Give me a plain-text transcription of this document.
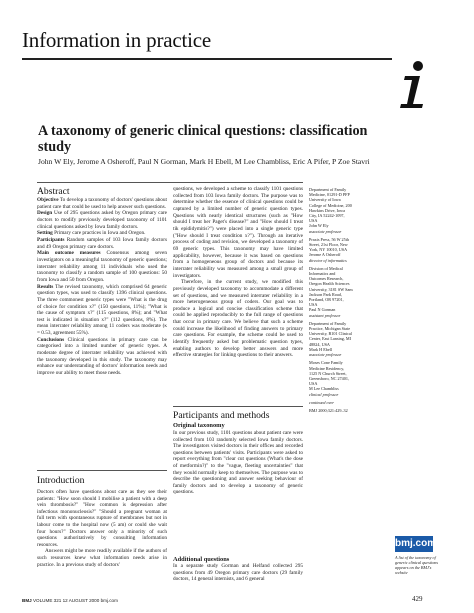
Information in practice
A taxonomy of generic clinical questions: classification study
John W Ely, Jerome A Osheroff, Paul N Gorman, Mark H Ebell, M Lee Chambliss, Eric A Pifer, P Zoe Stavri
Abstract

Objective To develop a taxonomy of doctors' questions about patient care that could be used to help answer such questions.

Design Use of 295 questions asked by Oregon primary care doctors to modify previously developed taxonomy of 1101 clinical questions asked by Iowa family doctors.

Setting Primary care practices in Iowa and Oregon.

Participants Random samples of 103 Iowa family doctors and 49 Oregon primary care doctors.

Main outcome measures Consensus among seven investigators on a meaningful taxonomy of generic questions; interrater reliability among 11 individuals who used the taxonomy to classify a random sample of 100 questions: 50 from Iowa and 50 from Oregon.

Results The revised taxonomy, which comprised 64 generic question types, was used to classify 1396 clinical questions. The three commonest generic types were "What is the drug of choice for condition x?" (150 questions, 11%); "What is the cause of symptom x?" (115 questions, 8%); and "What test is indicated in situation x?" (112 questions, 8%). The mean interrater reliability among 11 coders was moderate (κ = 0.53, agreement 55%).

Conclusions Clinical questions in primary care can be categorised into a limited number of generic types. A moderate degree of interrater reliability was achieved with the taxonomy developed in this study. The taxonomy may enhance our understanding of doctors' information needs and improve our ability to meet those needs.

Introduction

Doctors often have questions about care as they see their patients: "How soon should I mobilise a patient with a deep vein thrombosis?" "How common is depression after infectious mononucleosis?" "Should a pregnant woman at full term with spontaneous rupture of membranes but not in labour come to the hospital now (5 am) or could she wait four hours?" Doctors answer only a minority of such questions authoritatively by consulting information resources.

Answers might be more readily available if the authors of such resources knew what information needs arise in practice. In a previous study of doctors'

questions, we developed a scheme to classify 1101 questions collected from 103 Iowa family doctors. The purpose was to determine whether the essence of clinical questions could be captured by a limited number of generic question types. Questions with nearly identical structures (such as "How should I treat her Paget's disease?" and "How should I treat tik epididymitis?") were placed into a single generic type ("How should I treat condition x?"). Through an iterative process of coding and revision, we developed a taxonomy of 69 generic types. This taxonomy may have limited applicability, however, because it was based on questions from a homogeneous group of doctors and because its interrater reliability was measured among a small group of investigators.

Therefore, in the current study, we modified this previously developed taxonomy to accommodate a different set of questions, and we measured interrater reliability in a more heterogeneous group of coders. Our goal was to produce a logical and concise classification scheme that could be applied reproducibly to the full range of questions that occur in primary care. We believe that such a scheme could increase the likelihood of finding answers to primary care questions. For example, the scheme could be used to identify frequently asked but problematic question types, enabling authors to develop better answers and more effective strategies for linking questions to their answers.

Participants and methods
Original taxonomy
In our previous study, 1101 questions about patient care were collected from 103 randomly selected Iowa family doctors. The investigators visited doctors in their offices and recorded questions between patients' visits. Participants were asked to report everything from "clear cut questions (What's the dose of metformin?)" to the "vague, fleeting uncertainties" that they would normally keep to themselves. The purpose was to describe the questioning and answer seeking behaviour of family doctors and to develop a taxonomy of generic questions.
Additional questions
In a separate study Gorman and Helfand collected 295 questions from 49 Oregon primary care doctors (29 family doctors, 14 general internists, and 6 general

Department of Family Medicine, 01291-D PFP University of Iowa College of Medicine, 200 Hawkins Drive, Iowa City, IA 52242-1097, USA
John W Ely
associate professor

Praxis Press, 56 W 25th Street, 21st Floor, New York, NY 10010, USA
Jerome A Osheroff
director of informatics

Division of Medical Informatics and Outcomes Research, Oregon Health Sciences University, 3181 SW Sam Jackson Park Road, Portland, OR 97201, USA
Paul N Gorman
assistant professor

Department of Family Practice, Michigan State University, B101 Clinical Center, East Lansing, MI 48824, USA
Mark H Ebell
associate professor

Moses Cone Family Medicine Residency, 1125 N Church Street, Greensboro, NC 27401, USA
M Lee Chambliss
clinical professor

continued over

BMJ 2000;321:429–32

bmj.com
A list of the taxonomy of generic clinical questions appears on the BMJ's website
BMJ VOLUME 321 12 AUGUST 2000 bmj.com	429
